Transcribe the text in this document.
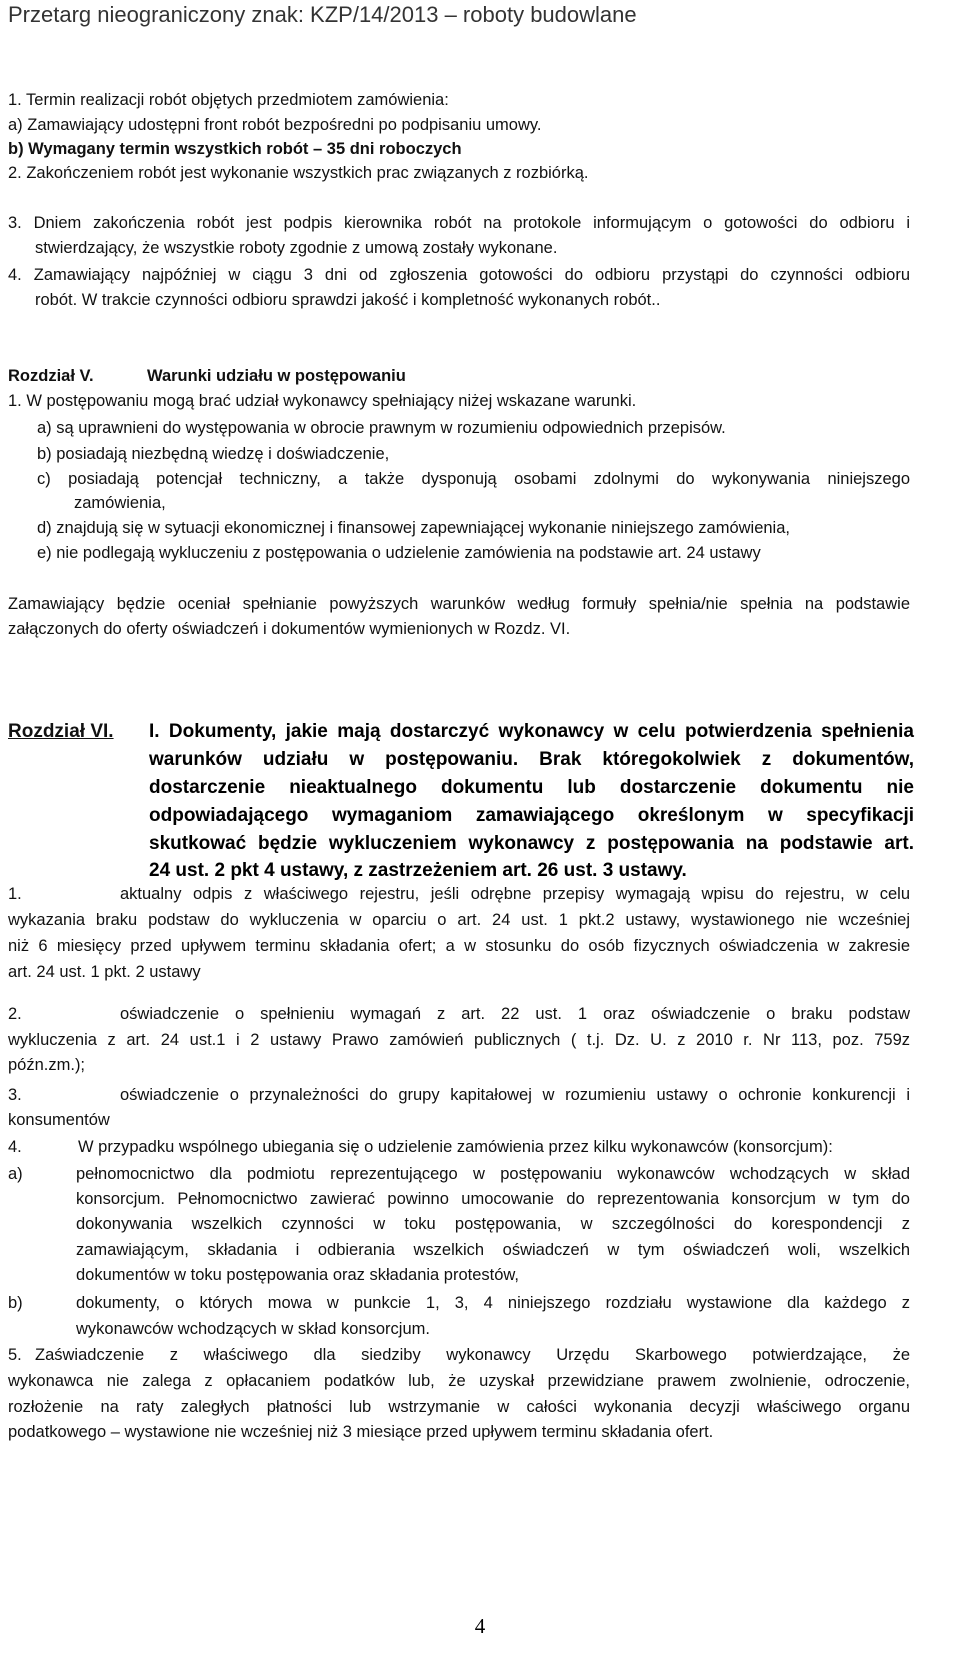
Przetarg nieograniczony znak: KZP/14/2013 – roboty budowlane
1. Termin realizacji robót objętych przedmiotem zamówienia:
a) Zamawiający udostępni front robót bezpośredni po podpisaniu umowy.
b) Wymagany termin wszystkich robót – 35 dni roboczych
2. Zakończeniem robót jest wykonanie wszystkich prac związanych z rozbiórką.
3. Dniem zakończenia robót jest podpis kierownika robót na protokole informującym o gotowości do odbioru i
stwierdzający, że wszystkie roboty zgodnie z umową zostały wykonane.
4. Zamawiający najpóźniej w ciągu 3 dni od zgłoszenia gotowości do odbioru przystąpi do czynności odbioru
robót. W trakcie czynności odbioru sprawdzi jakość i kompletność wykonanych robót..
Rozdział V.	Warunki udziału w postępowaniu
1. W postępowaniu mogą brać udział wykonawcy spełniający niżej wskazane warunki.
a) są uprawnieni do występowania w obrocie prawnym w rozumieniu odpowiednich przepisów.
b) posiadają niezbędną wiedzę i doświadczenie,
c) posiadają potencjał techniczny, a także dysponują osobami zdolnymi do wykonywania niniejszego
zamówienia,
d) znajdują się w sytuacji ekonomicznej i finansowej zapewniającej wykonanie niniejszego zamówienia,
e) nie podlegają wykluczeniu z postępowania o udzielenie zamówienia na podstawie art. 24 ustawy
Zamawiający będzie oceniał spełnianie powyższych warunków według formuły spełnia/nie spełnia na podstawie
załączonych do oferty oświadczeń i dokumentów wymienionych w Rozdz. VI.
Rozdział VI. I. Dokumenty, jakie mają dostarczyć wykonawcy w celu potwierdzenia spełnienia
warunków udziału w postępowaniu. Brak któregokolwiek z dokumentów,
dostarczenie nieaktualnego dokumentu lub dostarczenie dokumentu nie
odpowiadającego wymaganiom zamawiającego określonym w specyfikacji
skutkować będzie wykluczeniem wykonawcy z postępowania na podstawie art.
24 ust. 2 pkt 4 ustawy, z zastrzeżeniem art. 26 ust. 3 ustawy.
1.	aktualny odpis z właściwego rejestru, jeśli odrębne przepisy wymagają wpisu do rejestru, w celu
wykazania braku podstaw do wykluczenia w oparciu o art. 24 ust. 1 pkt.2 ustawy, wystawionego nie wcześniej
niż 6 miesięcy przed upływem terminu składania ofert; a w stosunku do osób fizycznych oświadczenia w zakresie
art. 24 ust. 1 pkt. 2 ustawy
2.	oświadczenie o spełnieniu wymagań z art. 22 ust. 1 oraz oświadczenie o braku podstaw
wykluczenia z art. 24 ust.1 i 2 ustawy Prawo zamówień publicznych ( t.j. Dz. U. z 2010 r. Nr 113, poz. 759z
późn.zm.);
3.	oświadczenie o przynależności do grupy kapitałowej w rozumieniu ustawy o ochronie konkurencji i
konsumentów
4.	W przypadku wspólnego ubiegania się o udzielenie zamówienia przez kilku wykonawców (konsorcjum):
a)	pełnomocnictwo dla podmiotu reprezentującego w postępowaniu wykonawców wchodzących w skład
konsorcjum. Pełnomocnictwo zawierać powinno umocowanie do reprezentowania konsorcjum w tym do
dokonywania wszelkich czynności w toku postępowania, w szczególności do korespondencji z
zamawiającym, składania i odbierania wszelkich oświadczeń w tym oświadczeń woli, wszelkich
dokumentów w toku postępowania oraz składania protestów,
b)	dokumenty, o których mowa w punkcie 1, 3, 4 niniejszego rozdziału wystawione dla każdego z
wykonawców wchodzących w skład konsorcjum.
5. Zaświadczenie z właściwego dla siedziby wykonawcy Urzędu Skarbowego potwierdzające, że
wykonawca nie zalega z opłacaniem podatków lub, że uzyskał przewidziane prawem zwolnienie, odroczenie,
rozłożenie na raty zaległych płatności lub wstrzymanie w całości wykonania decyzji właściwego organu
podatkowego – wystawione nie wcześniej niż 3 miesiące przed upływem terminu składania ofert.
4
